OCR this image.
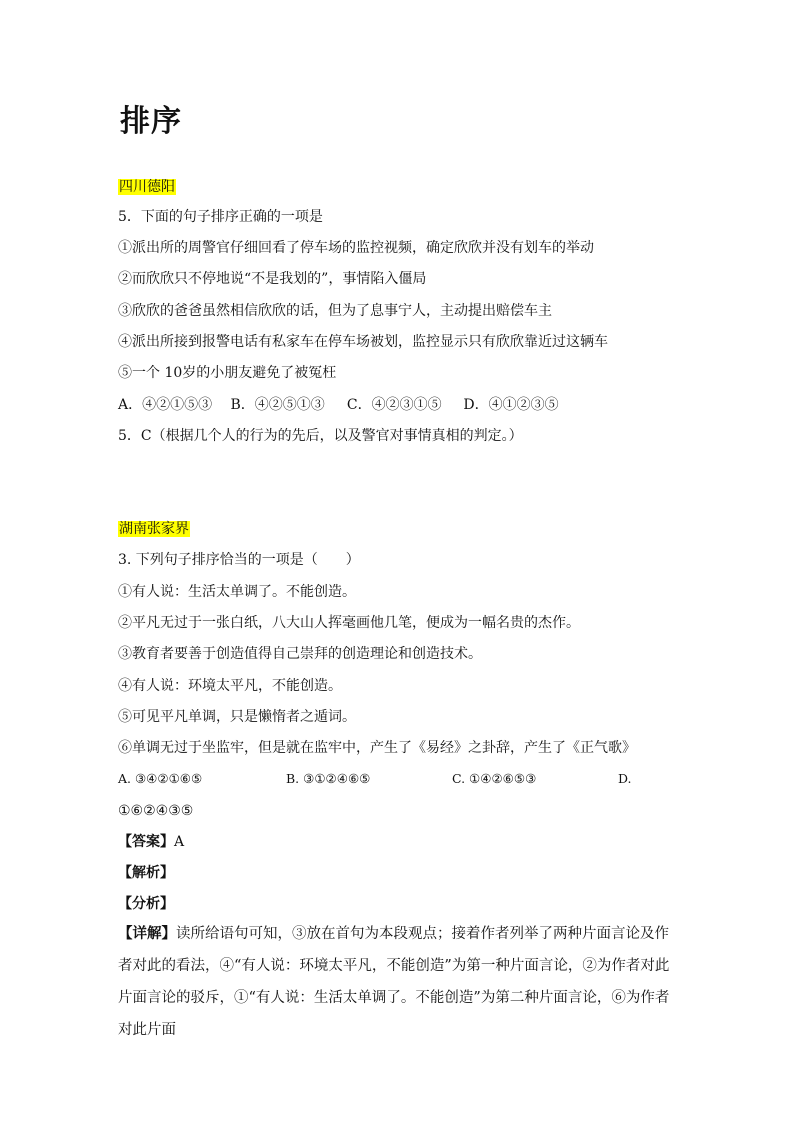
排序
四川德阳
5．下面的句子排序正确的一项是
①派出所的周警官仔细回看了停车场的监控视频，确定欣欣并没有划车的举动
②而欣欣只不停地说“不是我划的”，事情陷入僵局
③欣欣的爸爸虽然相信欣欣的话，但为了息事宁人，主动提出赔偿车主
④派出所接到报警电话有私家车在停车场被划，监控显示只有欣欣靠近过这辆车
⑤一个 10岁的小朋友避免了被冤枉
A．④②①⑤③ B．④②⑤①③ C．④②③①⑤ D．④①②③⑤
5．C（根据几个人的行为的先后，以及警官对事情真相的判定。）
湖南张家界
3. 下列句子排序恰当的一项是（　　）
①有人说：生活太单调了。不能创造。
②平凡无过于一张白纸，八大山人挥毫画他几笔，便成为一幅名贵的杰作。
③教育者要善于创造值得自己崇拜的创造理论和创造技术。
④有人说：环境太平凡，不能创造。
⑤可见平凡单调，只是懒惰者之遁词。
⑥单调无过于坐监牢，但是就在监牢中，产生了《易经》之卦辞，产生了《正气歌》
A. ③④②①⑥⑤	B. ③①②④⑥⑤	C. ①④②⑥⑤③	D.
①⑥②④③⑤
【答案】A
【解析】
【分析】
【详解】读所给语句可知，③放在首句为本段观点；接着作者列举了两种片面言论及作者对此的看法，④“有人说：环境太平凡，不能创造”为第一种片面言论，②为作者对此片面言论的驳斥，①“有人说：生活太单调了。不能创造”为第二种片面言论，⑥为作者对此片面
